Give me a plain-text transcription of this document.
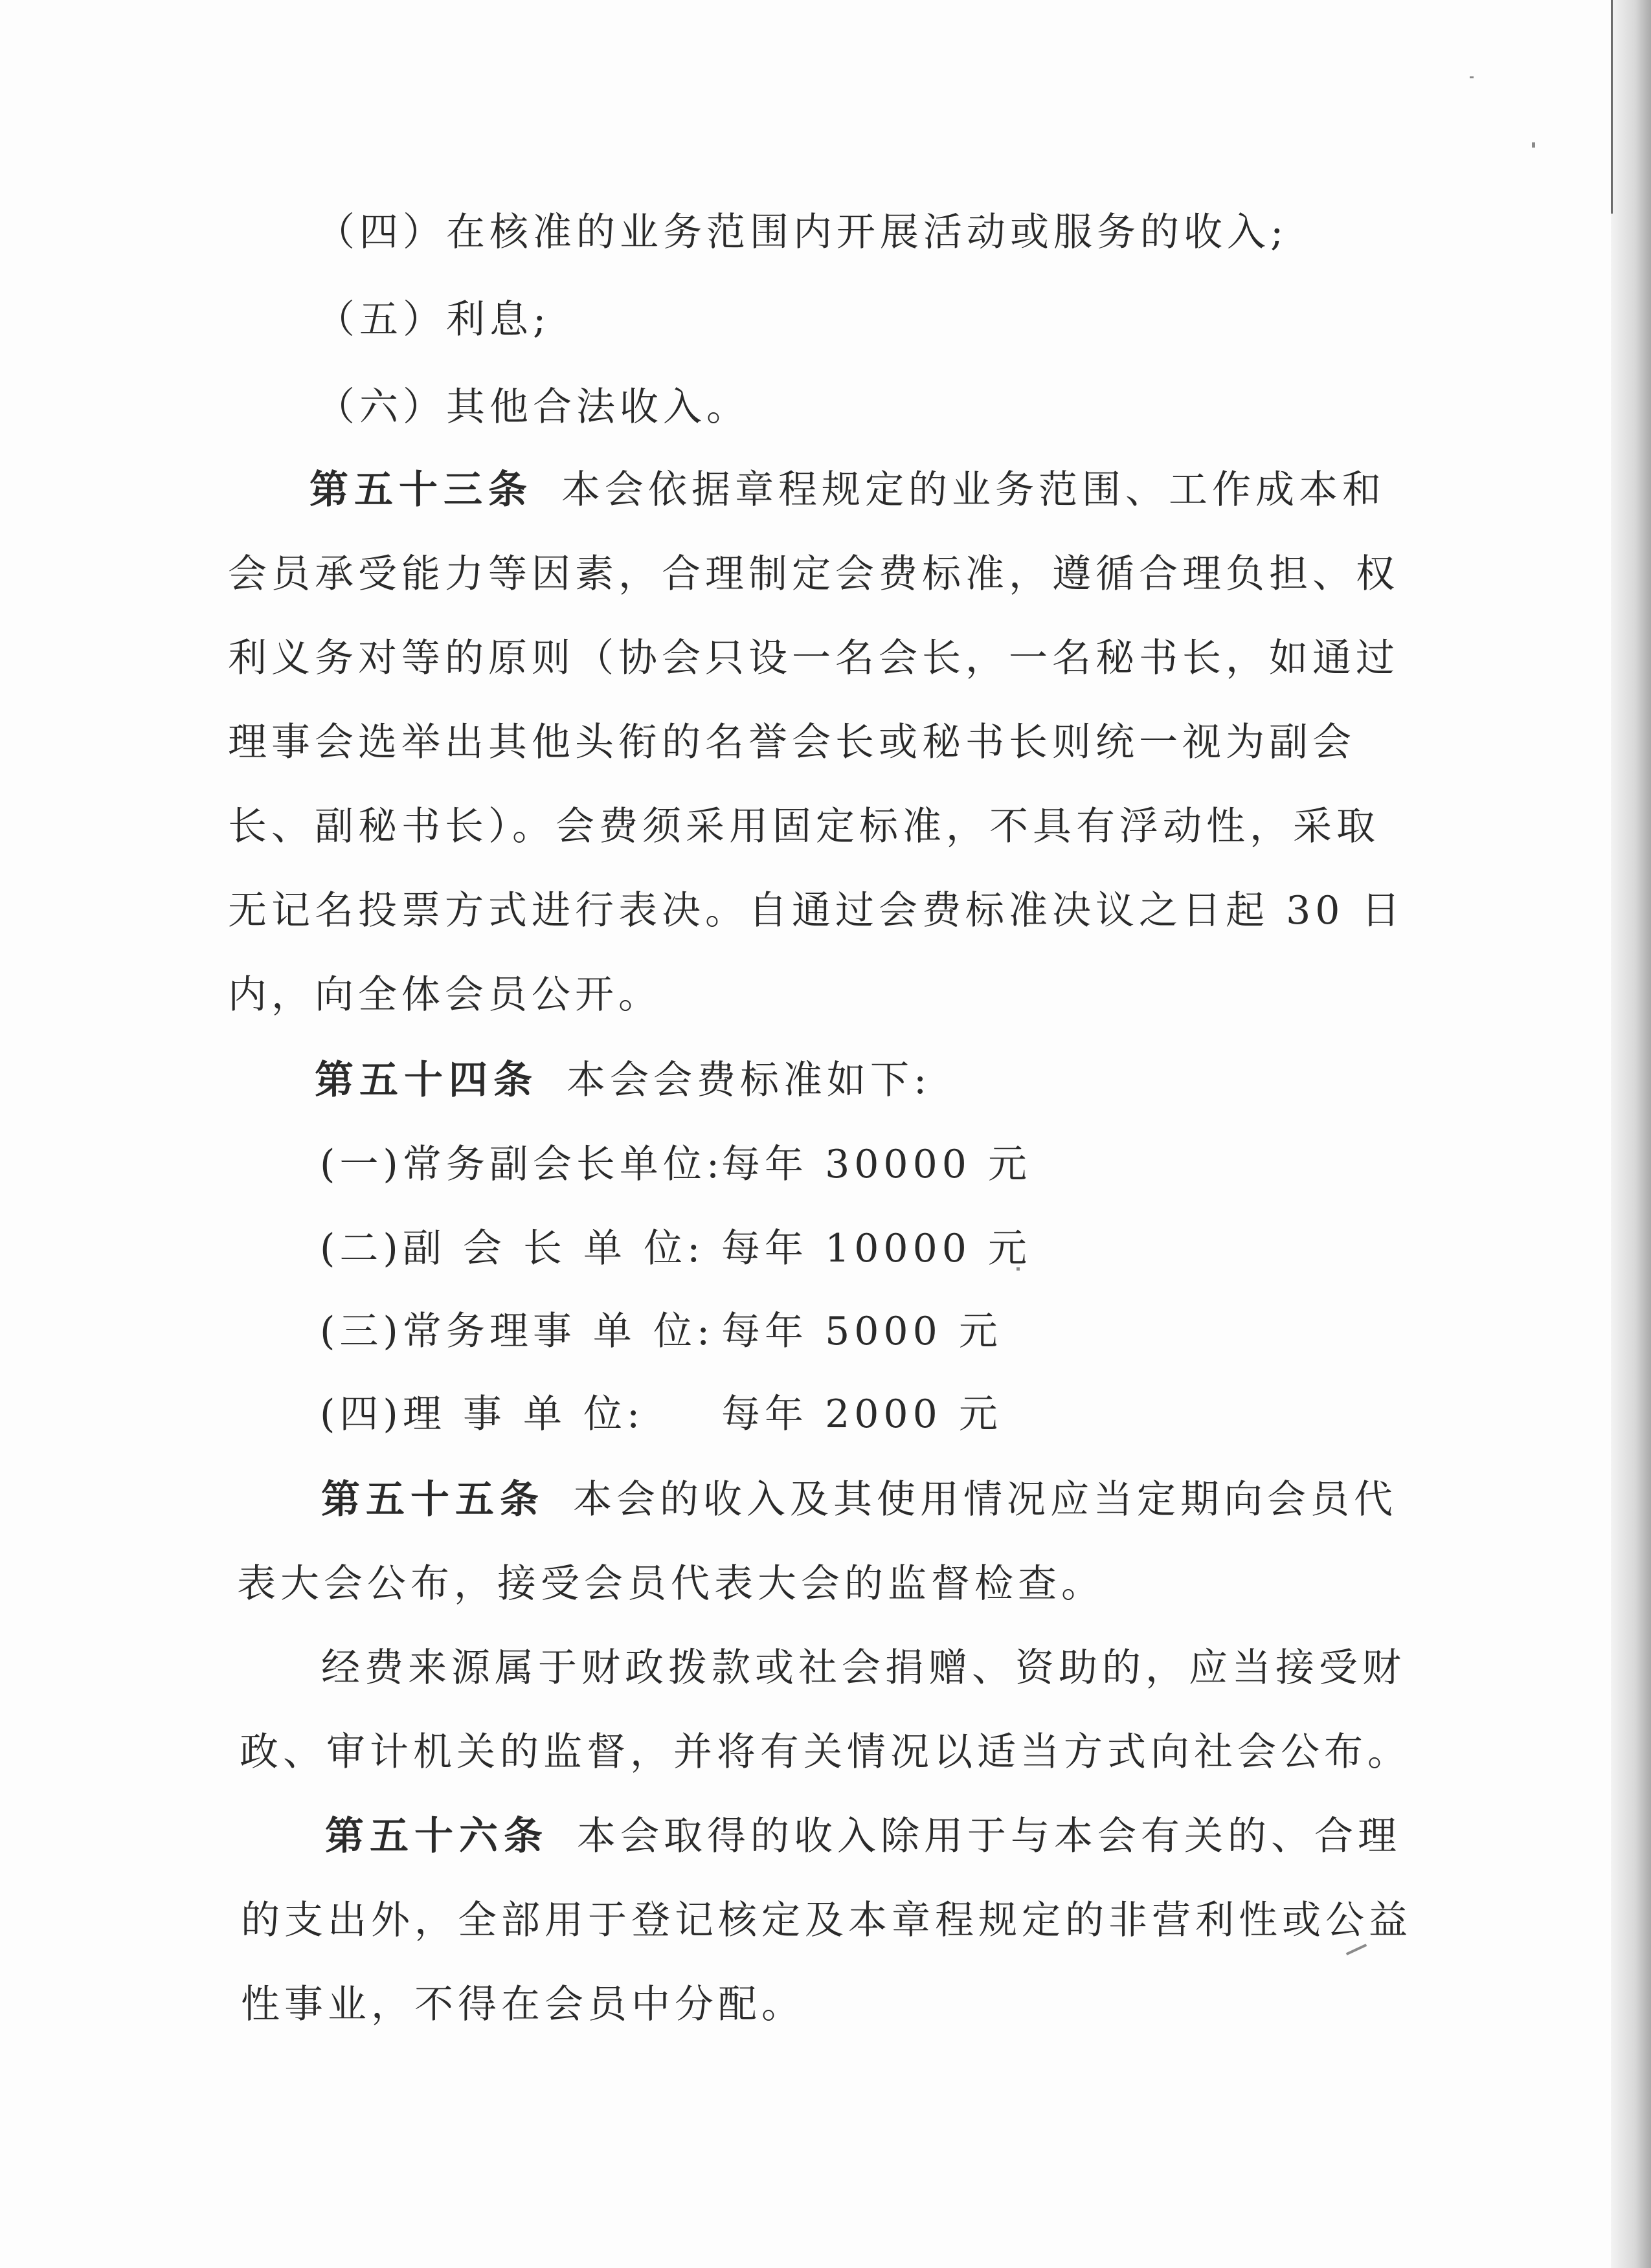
（四）在核准的业务范围内开展活动或服务的收入;
（五）利息;
（六）其他合法收入。
第五十三条 本会依据章程规定的业务范围、工作成本和
会员承受能力等因素，合理制定会费标准，遵循合理负担、权
利义务对等的原则（协会只设一名会长，一名秘书长，如通过
理事会选举出其他头衔的名誉会长或秘书长则统一视为副会
长、副秘书长）。会费须采用固定标准，不具有浮动性，采取
无记名投票方式进行表决。自通过会费标准决议之日起 30 日
内，向全体会员公开。
第五十四条 本会会费标准如下:
(一)常务副会长单位:每年 30000 元
(二)副 会 长 单 位: 每年 10000 元
(三)常务理事 单 位: 每年 5000 元
(四)理 事 单 位: 每年 2000 元
第五十五条 本会的收入及其使用情况应当定期向会员代
表大会公布，接受会员代表大会的监督检查。
经费来源属于财政拨款或社会捐赠、资助的，应当接受财
政、审计机关的监督，并将有关情况以适当方式向社会公布。
第五十六条 本会取得的收入除用于与本会有关的、合理
的支出外，全部用于登记核定及本章程规定的非营利性或公益
性事业，不得在会员中分配。
